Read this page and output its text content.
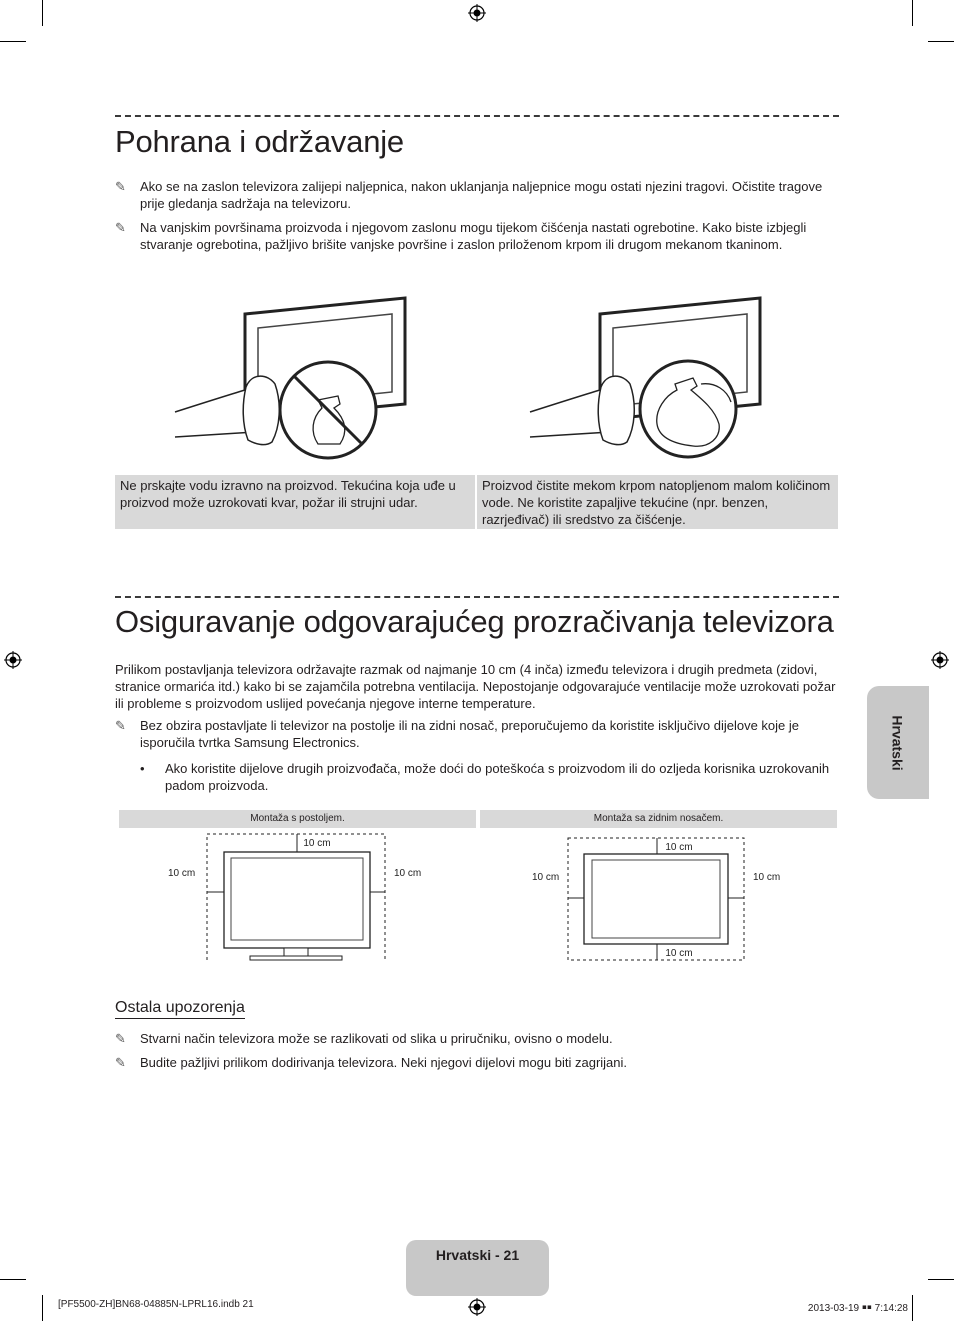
Pohrana i održavanje
✎	Ako se na zaslon televizora zalijepi naljepnica, nakon uklanjanja naljepnice mogu ostati njezini tragovi. Očistite tragove prije gledanja sadržaja na televizoru.
✎	Na vanjskim površinama proizvoda i njegovom zaslonu mogu tijekom čišćenja nastati ogrebotine. Kako biste izbjegli stvaranje ogrebotina, pažljivo brišite vanjske površine i zaslon priloženom krpom ili drugom mekanom tkaninom.
Ne prskajte vodu izravno na proizvod. Tekućina koja uđe u proizvod može uzrokovati kvar, požar ili strujni udar.
Proizvod čistite mekom krpom natopljenom malom količinom vode. Ne koristite zapaljive tekućine (npr. benzen, razrjeđivač) ili sredstvo za čišćenje.
Osiguravanje odgovarajućeg prozračivanja televizora
Prilikom postavljanja televizora održavajte razmak od najmanje 10 cm (4 inča) između televizora i drugih predmeta (zidovi, stranice ormarića itd.) kako bi se zajamčila potrebna ventilacija. Nepostojanje odgovarajuće ventilacije može uzrokovati požar ili probleme s proizvodom uslijed povećanja njegove interne temperature.
✎	Bez obzira postavljate li televizor na postolje ili na zidni nosač, preporučujemo da koristite isključivo dijelove koje je isporučila tvrtka Samsung Electronics.
• Ako koristite dijelove drugih proizvođača, može doći do poteškoća s proizvodom ili do ozljeda korisnika uzrokovanih padom proizvoda.
Montaža s postoljem.	Montaža sa zidnim nosačem.
10 cm
10 cm	10 cm
10 cm
10 cm	10 cm
10 cm
Ostala upozorenja
✎	Stvarni način televizora može se razlikovati od slika u priručniku, ovisno o modelu.
✎	Budite pažljivi prilikom dodirivanja televizora. Neki njegovi dijelovi mogu biti zagrijani.
Hrvatski
Hrvatski - 21
[PF5500-ZH]BN68-04885N-LPRL16.indb 21	2013-03-19 ￭￭ 7:14:28
